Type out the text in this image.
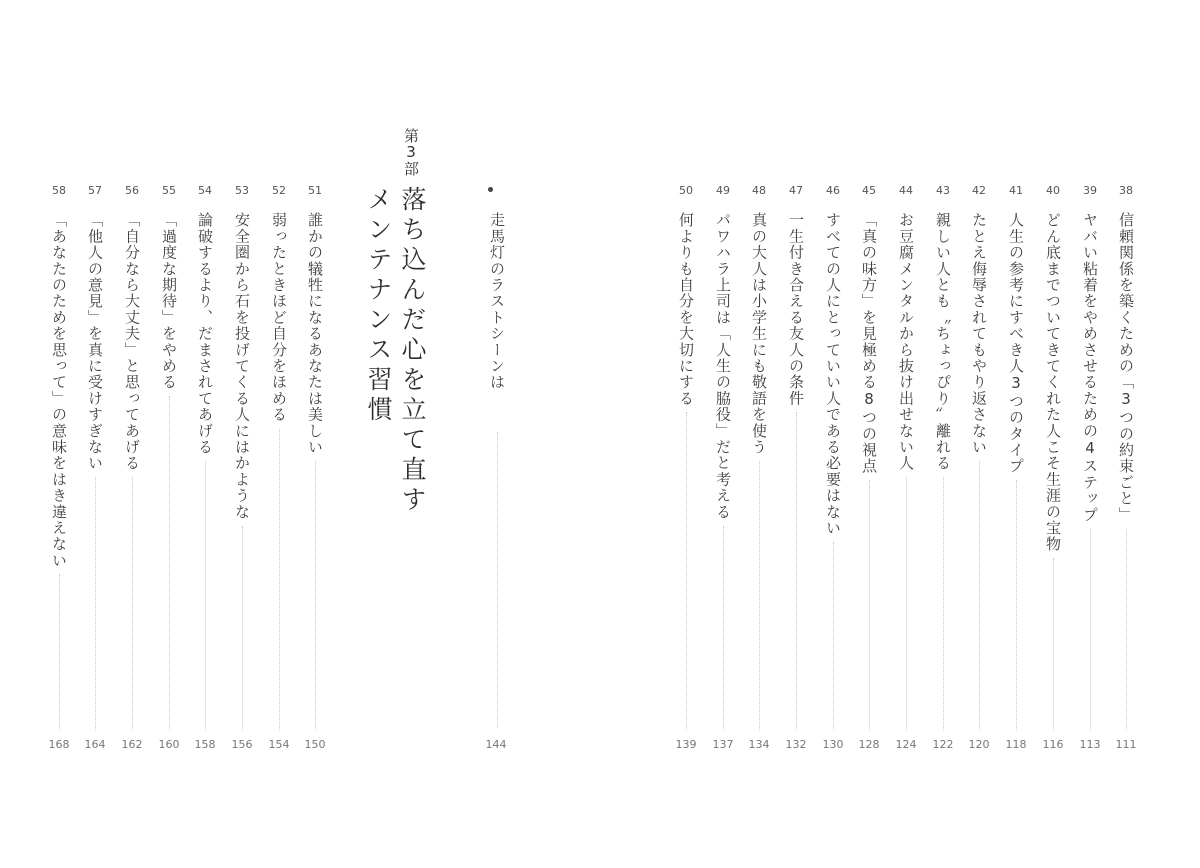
第3部
落ち込んだ心を立て直す
メンテナンス習慣	走馬灯のラストシーンは
144
38
信頼関係を築くための「3つの約束ごと」
111
39
ヤバい粘着をやめさせるための4ステップ
113
40
どん底までついてきてくれた人こそ生涯の宝物
116
41
人生の参考にすべき人3つのタイプ
118
42
たとえ侮辱されてもやり返さない
120
43
親しい人とも〝ちょっぴり〟離れる
122
44
お豆腐メンタルから抜け出せない人
124
45
「真の味方」を見極める8つの視点
128
46
すべての人にとっていい人である必要はない
130
47
一生付き合える友人の条件
132
48
真の大人は小学生にも敬語を使う
134
49
パワハラ上司は「人生の脇役」だと考える
137
50
何よりも自分を大切にする
139
51
誰かの犠牲になるあなたは美しい
150
52
弱ったときほど自分をほめる
154
53
安全圏から石を投げてくる人にはかような
156
54
論破するより、だまされてあげる
158
55
「過度な期待」をやめる
160
56
「自分なら大丈夫」と思ってあげる
162
57
「他人の意見」を真に受けすぎない
164
58
「あなたのためを思って」の意味をはき違えない
168
